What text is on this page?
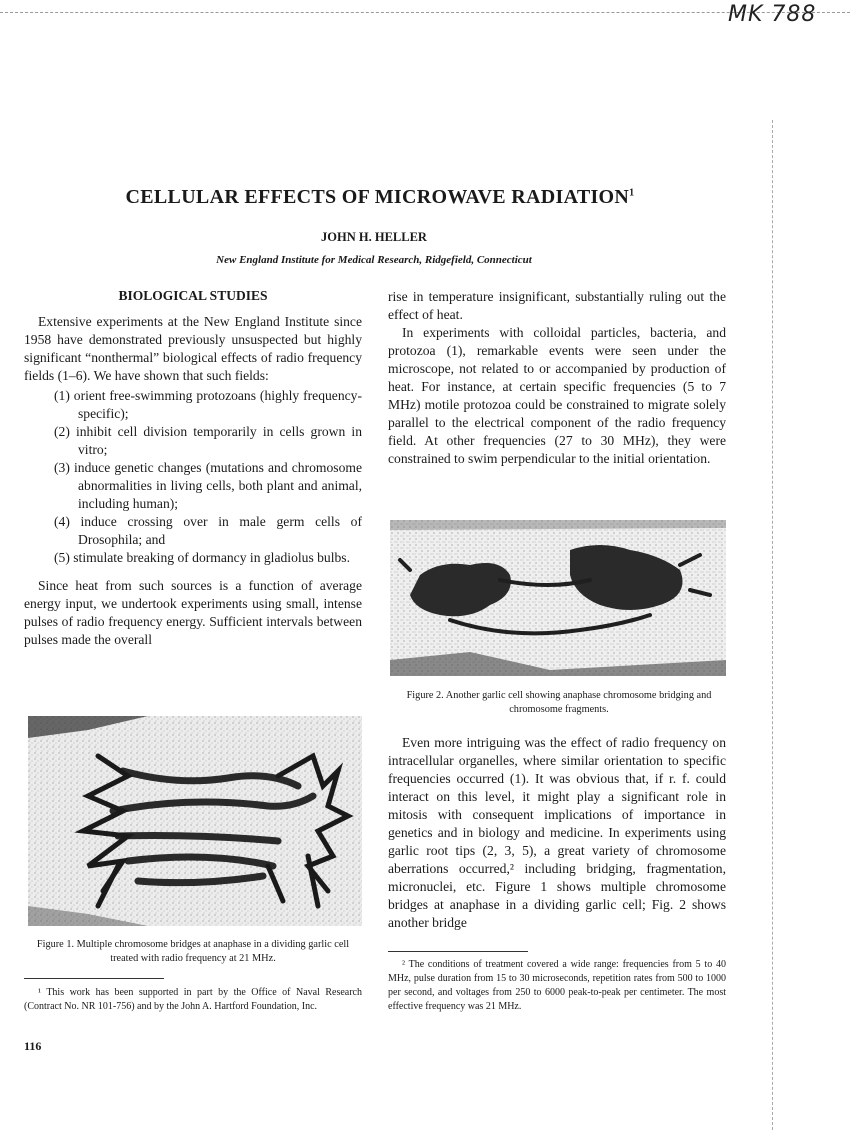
MK 788
CELLULAR EFFECTS OF MICROWAVE RADIATION$^1$
JOHN H. HELLER
New England Institute for Medical Research, Ridgefield, Connecticut

BIOLOGICAL STUDIES

Extensive experiments at the New England Institute since 1958 have demonstrated previously unsuspected but highly significant “nonthermal” biological effects of radio frequency fields (1–6). We have shown that such fields:

(1) orient free-swimming protozoans (highly frequency-specific);
(2) inhibit cell division temporarily in cells grown in vitro;
(3) induce genetic changes (mutations and chromosome abnormalities in living cells, both plant and animal, including human);
(4) induce crossing over in male germ cells of Drosophila; and
(5) stimulate breaking of dormancy in gladiolus bulbs.

Since heat from such sources is a function of average energy input, we undertook experiments using small, intense pulses of radio frequency energy. Sufficient intervals between pulses made the overall

Figure 1. Multiple chromosome bridges at anaphase in a dividing garlic cell treated with radio frequency at 21 MHz.

¹ This work has been supported in part by the Office of Naval Research (Contract No. NR 101-756) and by the John A. Hartford Foundation, Inc.

116

rise in temperature insignificant, substantially ruling out the effect of heat.

In experiments with colloidal particles, bacteria, and protozoa (1), remarkable events were seen under the microscope, not related to or accompanied by production of heat. For instance, at certain specific frequencies (5 to 7 MHz) motile protozoa could be constrained to migrate solely parallel to the electrical component of the radio frequency field. At other frequencies (27 to 30 MHz), they were constrained to swim perpendicular to the initial orientation.

Figure 2. Another garlic cell showing anaphase chromosome bridging and chromosome fragments.

Even more intriguing was the effect of radio frequency on intracellular organelles, where similar orientation to specific frequencies occurred (1). It was obvious that, if r. f. could interact on this level, it might play a significant role in mitosis with consequent implications of importance in genetics and in biology and medicine. In experiments using garlic root tips (2, 3, 5), a great variety of chromosome aberrations occurred,² including bridging, fragmentation, micronuclei, etc. Figure 1 shows multiple chromosome bridges at anaphase in a dividing garlic cell; Fig. 2 shows another bridge

² The conditions of treatment covered a wide range: frequencies from 5 to 40 MHz, pulse duration from 15 to 30 microseconds, repetition rates from 500 to 1000 per second, and voltages from 250 to 6000 peak-to-peak per centimeter. The most effective frequency was 21 MHz.
